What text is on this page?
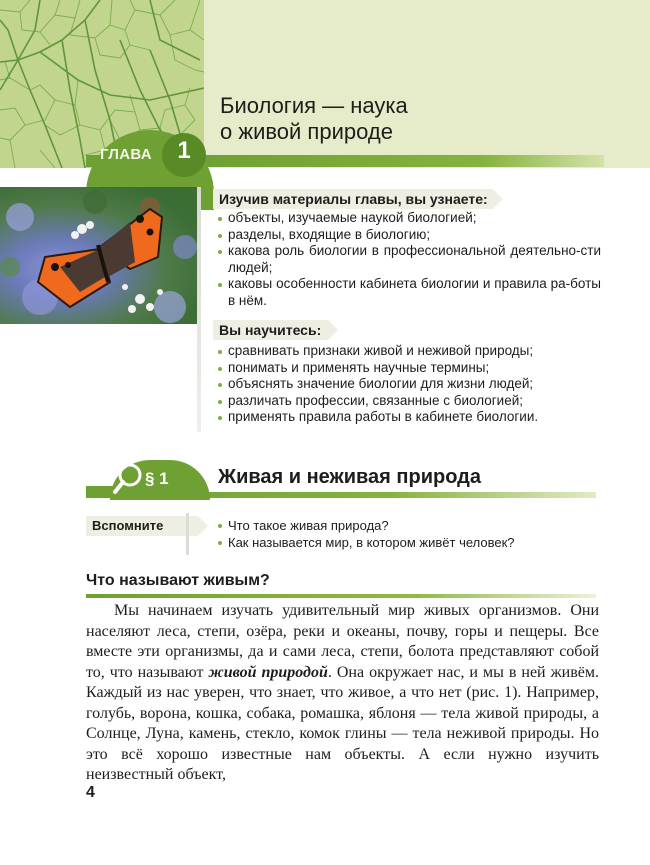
ГЛАВА	1
Биология — наука
о живой природе
Изучив материалы главы, вы узнаете:
объекты, изучаемые наукой биологией;
разделы, входящие в биологию;
какова роль биологии в профессиональной деятельно-сти людей;
каковы особенности кабинета биологии и правила ра-боты в нём.
Вы научитесь:
сравнивать признаки живой и неживой природы;
понимать и применять научные термины;
объяснять значение биологии для жизни людей;
различать профессии, связанные с биологией;
применять правила работы в кабинете биологии.
§ 1 Живая и неживая природа
Вспомните	Что такое живая природа?
Как называется мир, в котором живёт человек?
Что называют живым?

Мы начинаем изучать удивительный мир живых организмов. Они населяют леса, степи, озёра, реки и океаны, почву, горы и пещеры. Все вместе эти организмы, да и сами леса, степи, болота представляют собой то, что называют живой природой. Она окружает нас, и мы в ней живём. Каждый из нас уверен, что знает, что живое, а что нет (рис. 1). Например, голубь, ворона, кошка, собака, ромашка, яблоня — тела живой природы, а Солнце, Луна, камень, стекло, комок глины — тела неживой природы. Но это всё хорошо известные нам объекты. А если нужно изучить неизвестный объект,

4
